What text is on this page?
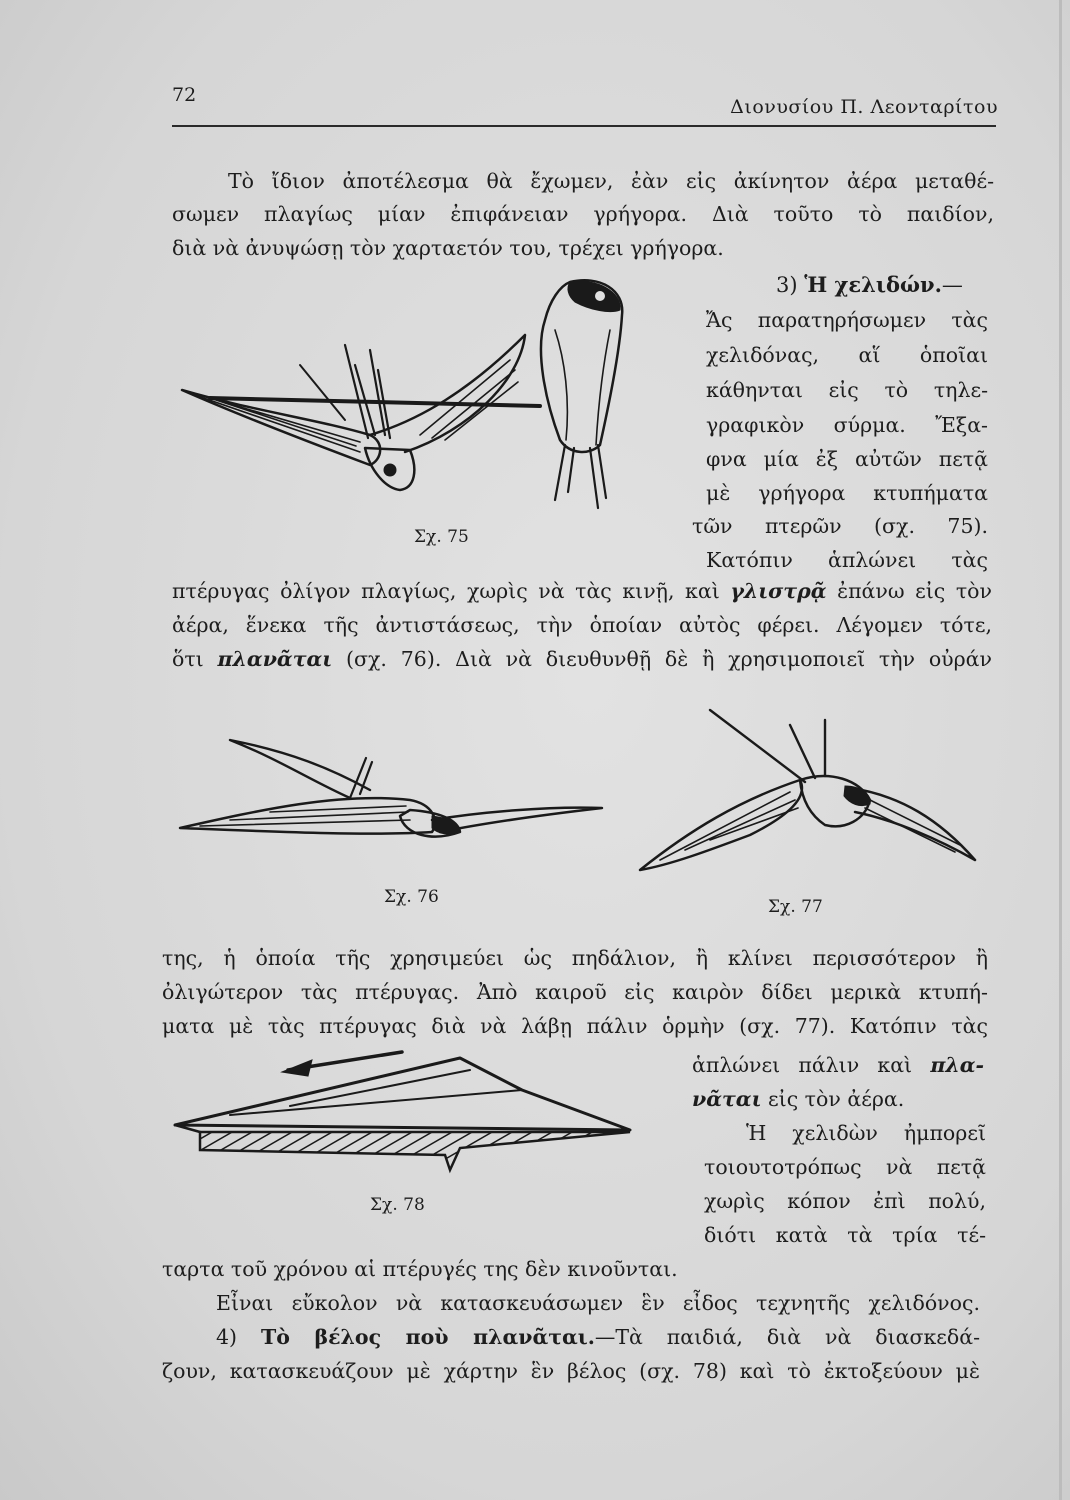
72
Διονυσίου Π. Λεονταρίτου
Τὸ ἴδιον ἀποτέλεσμα θὰ ἔχωμεν, ἐὰν εἰς ἀκίνητον ἀέρα μεταθέ-
σωμεν πλαγίως μίαν ἐπιφάνειαν γρήγορα. Διὰ τοῦτο τὸ παιδίον,
διὰ νὰ ἀνυψώσῃ τὸν χαρταετόν του, τρέχει γρήγορα.
3) Ἡ χελιδών.—
Ἄς παρατηρήσωμεν τὰς
χελιδόνας, αἵ ὁποῖαι
κάθηνται εἰς τὸ τηλε-
γραφικὸν σύρμα. Ἔξα-
φνα μία ἐξ αὐτῶν πετᾷ
μὲ γρήγορα κτυπήματα
τῶν πτερῶν (σχ. 75).
Κατόπιν ἁπλώνει τὰς
Σχ. 75
πτέρυγας ὀλίγον πλαγίως, χωρὶς νὰ τὰς κινῇ, καὶ γλιστρᾷ ἐπάνω εἰς τὸν
ἀέρα, ἕνεκα τῆς ἀντιστάσεως, τὴν ὁποίαν αὐτὸς φέρει. Λέγομεν τότε,
ὅτι πλανᾶται (σχ. 76). Διὰ νὰ διευθυνθῇ δὲ ἢ χρησιμοποιεῖ τὴν οὐράν
Σχ. 76	Σχ. 77
της, ἡ ὁποία τῆς χρησιμεύει ὡς πηδάλιον, ἢ κλίνει περισσότερον ἢ
ὀλιγώτερον τὰς πτέρυγας. Ἀπὸ καιροῦ εἰς καιρὸν δίδει μερικὰ κτυπή-
ματα μὲ τὰς πτέρυγας διὰ νὰ λάβῃ πάλιν ὁρμὴν (σχ. 77). Κατόπιν τὰς
ἁπλώνει πάλιν καὶ πλα-
νᾶται εἰς τὸν ἀέρα.
Ἡ χελιδὼν ἠμπορεῖ
τοιουτοτρόπως νὰ πετᾷ
χωρὶς κόπον ἐπὶ πολύ,
διότι κατὰ τὰ τρία τέ-
Σχ. 78
ταρτα τοῦ χρόνου αἱ πτέρυγές της δὲν κινοῦνται.
Εἶναι εὔκολον νὰ κατασκευάσωμεν ἓν εἶδος τεχνητῆς χελιδόνος.
4) Τὸ βέλος ποὺ πλανᾶται.—Τὰ παιδιά, διὰ νὰ διασκεδά-
ζουν, κατασκευάζουν μὲ χάρτην ἓν βέλος (σχ. 78) καὶ τὸ ἐκτοξεύουν μὲ
